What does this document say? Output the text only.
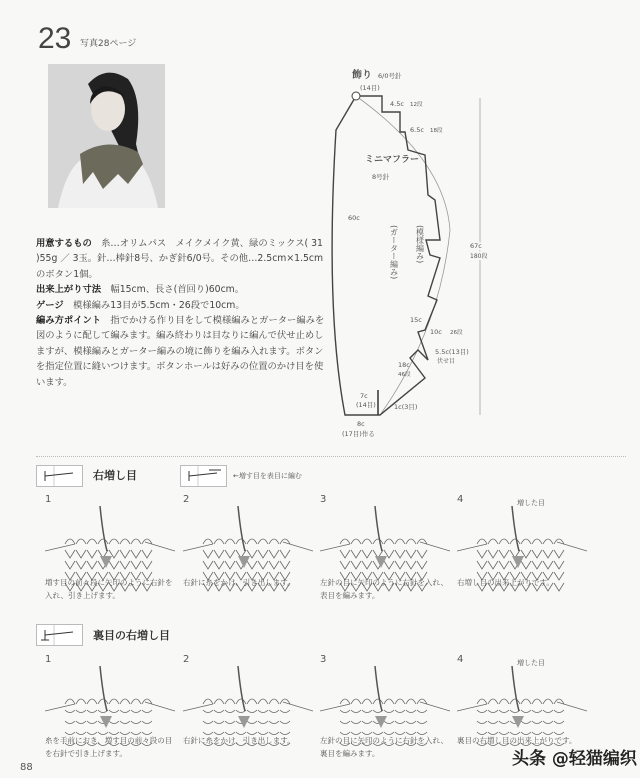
23 写真28ページ
用意するもの　 糸…オリムパス　メイクメイク黄、緑のミックス( 31 )55g ／ 3玉。針…棒針8号、かぎ針6/0号。その他…2.5cm×1.5cmのボタン1個。
出来上がり寸法　 幅15cm、長さ(首回り)60cm。
ゲージ　 模様編み13目が5.5cm・26段で10cm。
編み方ポイント　 指でかける作り目をして模様編みとガーター編みを図のように配して編みます。編み終わりは目なりに編んで伏せ止めしますが、模様編みとガーター編みの境に飾りを編み入れます。ボタンを指定位置に縫いつけます。ボタンホールは好みの位置のかけ目を使います。
飾り 6/0号針
(14目)
4.5c 12段
6.5c 18段
ミニマフラー
8号針
60c
(ガーター編み) (模様編み)
15c
67c
180段
10c 26段
5.5c(13目)
伏せ目
18c
46段
7c
(14目)	1c(3目)
8c
(17目)作る
右増し目	←増す目を表目に編む
1
増す目の前々段に矢印のように右針を入れ、引き上げます。
2
右針に糸をかけ、引き出します。
3
左針の目に矢印のように右針を入れ、表目を編みます。
4
右増し目の出来上がりです。
増した目
裏目の右増し目
1
糸を手前におき、増す目の前々段の目を右針で引き上げます。
2
右針に糸をかけ、引き出します。
3
左針の目に矢印のように右針を入れ、裏目を編みます。
4
裏目の右増し目の出来上がりです。
増した目
88	头条 @轻猫编织
